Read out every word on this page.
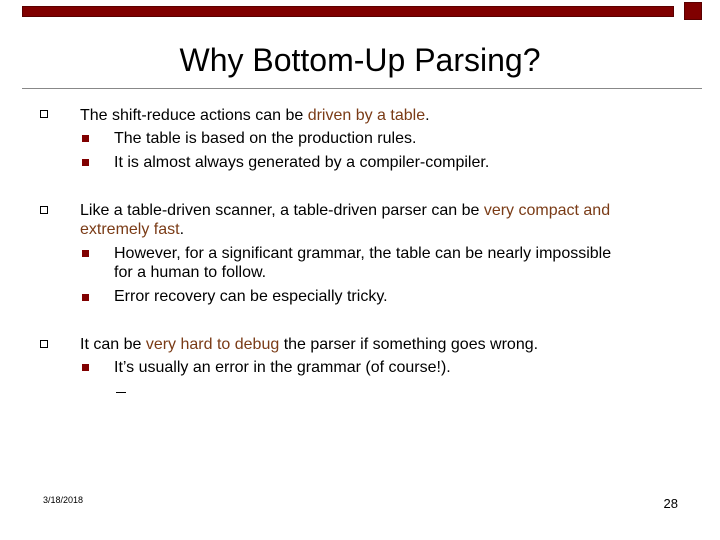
Why Bottom-Up Parsing?
The shift-reduce actions can be driven by a table.
The table is based on the production rules.
It is almost always generated by a compiler-compiler.
Like a table-driven scanner, a table-driven parser can be very compact and
extremely fast.
However, for a significant grammar, the table can be nearly impossible
for a human to follow.
Error recovery can be especially tricky.
It can be very hard to debug the parser if something goes wrong.
It’s usually an error in the grammar (of course!).
3/18/2018	28
